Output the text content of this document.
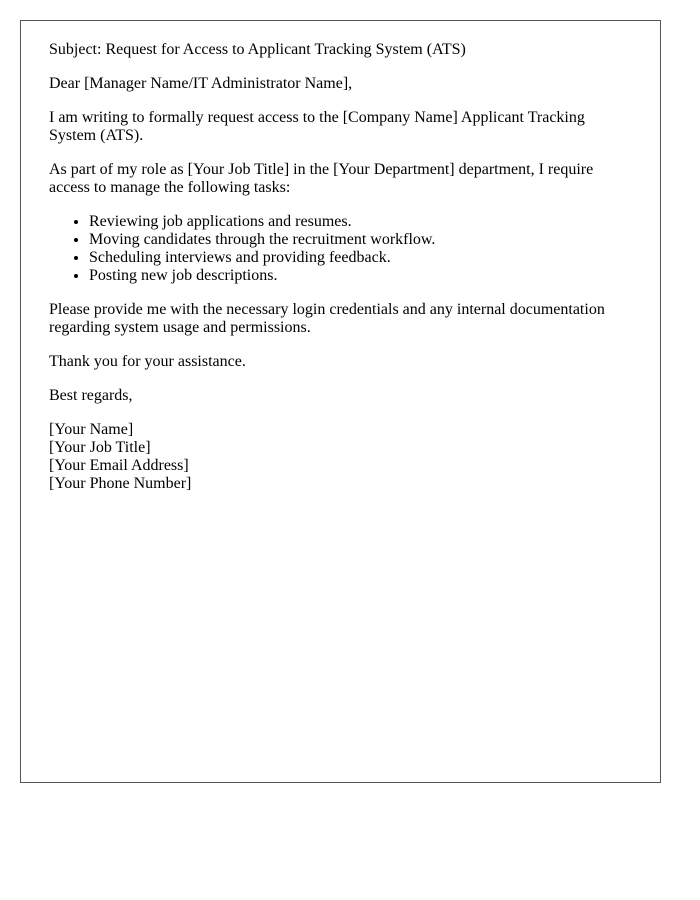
Subject: Request for Access to Applicant Tracking System (ATS)

Dear [Manager Name/IT Administrator Name],

I am writing to formally request access to the [Company Name] Applicant Tracking System (ATS).

As part of my role as [Your Job Title] in the [Your Department] department, I require access to manage the following tasks:

• Reviewing job applications and resumes.
• Moving candidates through the recruitment workflow.
• Scheduling interviews and providing feedback.
• Posting new job descriptions.

Please provide me with the necessary login credentials and any internal documentation regarding system usage and permissions.

Thank you for your assistance.

Best regards,

[Your Name]
[Your Job Title]
[Your Email Address]
[Your Phone Number]
